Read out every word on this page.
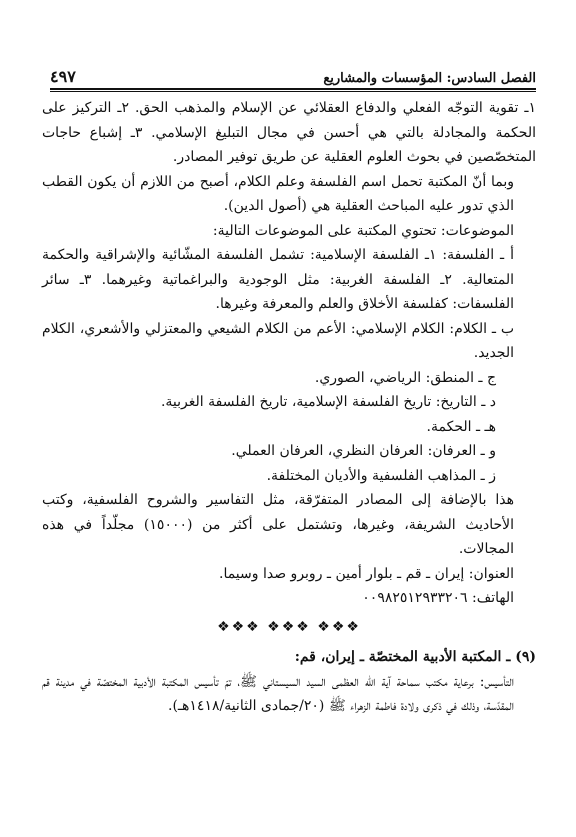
الفصل السادس: المؤسسات والمشاريع
٤٩٧

١ـ تقوية التوجّه الفعلي والدفاع العقلائي عن الإسلام والمذهب الحق. ٢ـ التركيز على الحكمة والمجادلة بالتي هي أحسن في مجال التبليغ الإسلامي. ٣ـ إشباع حاجات المتخصّصين في بحوث العلوم العقلية عن طريق توفير المصادر.

وبما أنّ المكتبة تحمل اسم الفلسفة وعلم الكلام، أصبح من اللازم أن يكون القطب الذي تدور عليه المباحث العقلية هي (أصول الدين).

الموضوعات: تحتوي المكتبة على الموضوعات التالية:

أ ـ الفلسفة: ١ـ الفلسفة الإسلامية: تشمل الفلسفة المشّائية والإشراقية والحكمة المتعالية. ٢ـ الفلسفة الغربية: مثل الوجودية والبراغماتية وغيرهما. ٣ـ سائر الفلسفات: كفلسفة الأخلاق والعلم والمعرفة وغيرها.

ب ـ الكلام: الكلام الإسلامي: الأعم من الكلام الشيعي والمعتزلي والأشعري، الكلام الجديد.

ج ـ المنطق: الرياضي، الصوري.

د ـ التاريخ: تاريخ الفلسفة الإسلامية، تاريخ الفلسفة الغربية.

هـ ـ الحكمة.

و ـ العرفان: العرفان النظري، العرفان العملي.

ز ـ المذاهب الفلسفية والأديان المختلفة.

هذا بالإضافة إلى المصادر المتفرّقة، مثل التفاسير والشروح الفلسفية، وكتب الأحاديث الشريفة، وغيرها، وتشتمل على أكثر من (١٥٠٠٠) مجلّداً في هذه المجالات.

العنوان: إيران ـ قم ـ بلوار أمين ـ روبرو صدا وسيما.

الهاتف: ٠٠٩٨٢٥١٢٩٣٣٢٠٦

❖❖❖ ❖❖❖ ❖❖❖

(٩) ـ المكتبة الأدبية المختصّة ـ إيران، قم:

التأسيس: برعاية مكتب سماحة آية الله العظمى السيد السيستاني ﷺ، تمّ تأسيس المكتبة الأدبية المختصّة في مدينة قم المقدّسة، وذلك في ذكرى ولادة فاطمة الزهراء ﷺ (٢٠/جمادى الثانية/١٤١٨هـ).
